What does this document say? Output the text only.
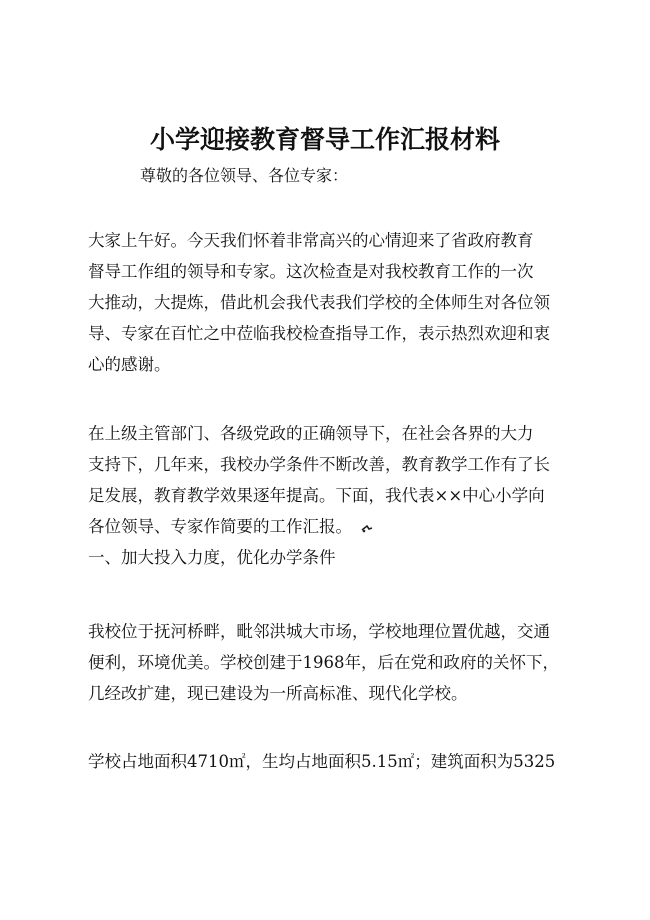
小学迎接教育督导工作汇报材料
尊敬的各位领导、各位专家：
大家上午好。今天我们怀着非常高兴的心情迎来了省政府教育
督导工作组的领导和专家。这次检查是对我校教育工作的一次
大推动，大提炼，借此机会我代表我们学校的全体师生对各位领
导、专家在百忙之中莅临我校检查指导工作，表示热烈欢迎和衷
心的感谢。
在上级主管部门、各级党政的正确领导下，在社会各界的大力
支持下，几年来，我校办学条件不断改善，教育教学工作有了长
足发展，教育教学效果逐年提高。下面，我代表××中心小学向
各位领导、专家作简要的工作汇报。
一、加大投入力度，优化办学条件
我校位于抚河桥畔，毗邻洪城大市场，学校地理位置优越，交通
便利，环境优美。学校创建于1968年，后在党和政府的关怀下，
几经改扩建，现已建设为一所高标准、现代化学校。
学校占地面积4710㎡，生均占地面积5.15㎡；建筑面积为5325
